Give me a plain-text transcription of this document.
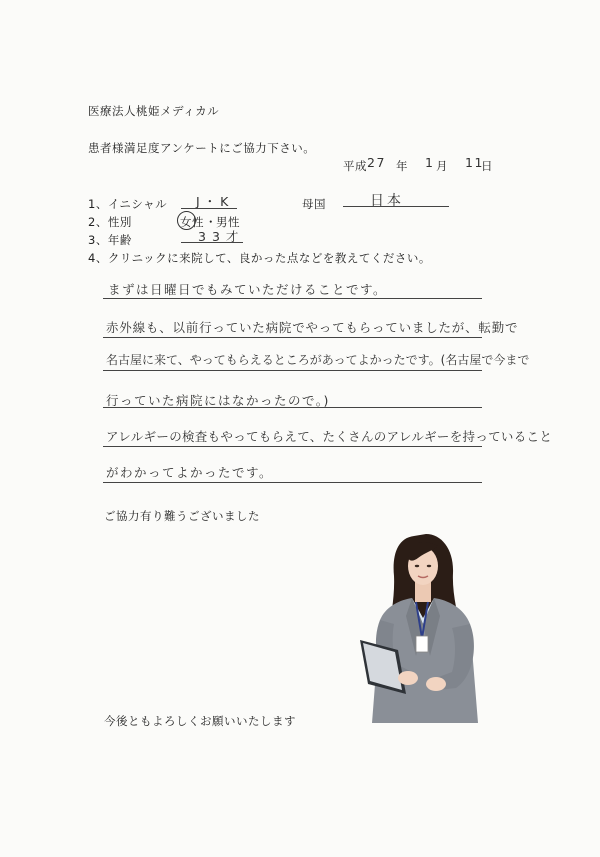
医療法人桃姫メディカル
患者様満足度アンケートにご協力下さい。
平成 27 年 1 月 11
日
1、イニシャル J・K	母国	日本
2、性別	女性 ・ 男性
3、年齢	33才
4、クリニックに来院して、良かった点などを教えてください。
まずは日曜日でもみていただけることです。
赤外線も、以前行っていた病院でやってもらっていましたが、転勤で
名古屋に来て、やってもらえるところがあってよかったです。(名古屋で今まで
行っていた病院にはなかったので。)
アレルギーの検査もやってもらえて、たくさんのアレルギーを持っていること
がわかってよかったです。
ご協力有り難うございました
今後ともよろしくお願いいたします
